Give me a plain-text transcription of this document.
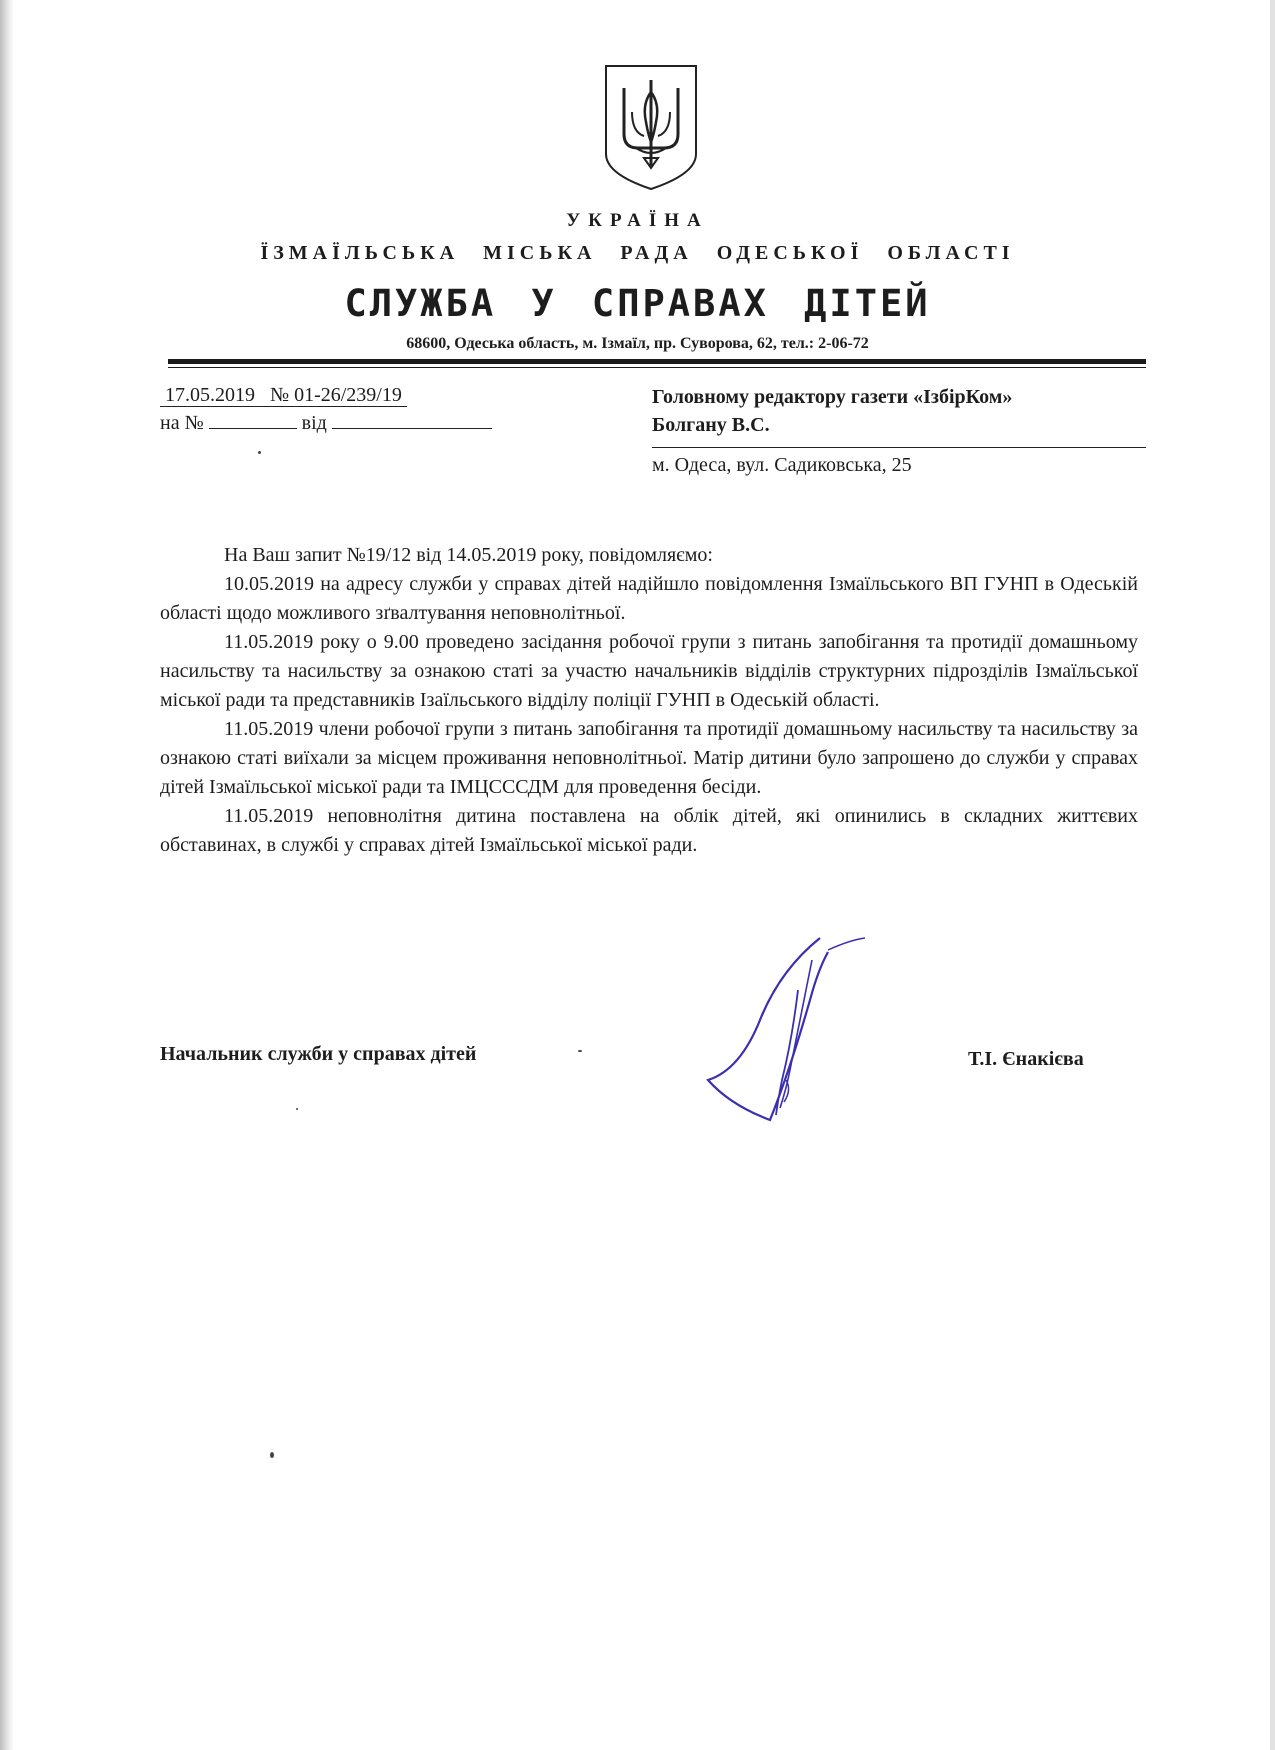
УКРАЇНА
ЇЗМАЇЛЬСЬКА МІСЬКА РАДА ОДЕСЬКОЇ ОБЛАСТІ
СЛУЖБА У СПРАВАХ ДІТЕЙ
68600, Одеська область, м. Ізмаїл, пр. Суворова, 62, тел.: 2-06-72
17.05.2019 № 01-26/239/19
на №	від
Головному редактору газети «ІзбірКом»
Болгану В.С.
м. Одеса, вул. Садиковська, 25

На Ваш запит №19/12 від 14.05.2019 року, повідомляємо:

10.05.2019 на адресу служби у справах дітей надійшло повідомлення Ізмаїльського ВП ГУНП в Одеській області щодо можливого зґвалтування неповнолітньої.

11.05.2019 року о 9.00 проведено засідання робочої групи з питань запобігання та протидії домашньому насильству та насильству за ознакою статі за участю начальників відділів структурних підрозділів Ізмаїльської міської ради та представників Ізаїльського відділу поліції ГУНП в Одеській області.

11.05.2019 члени робочої групи з питань запобігання та протидії домашньому насильству та насильству за ознакою статі виїхали за місцем проживання неповнолітньої. Матір дитини було запрошено до служби у справах дітей Ізмаїльської міської ради та ІМЦСССДМ для проведення бесіди.

11.05.2019 неповнолітня дитина поставлена на облік дітей, які опинились в складних життєвих обставинах, в службі у справах дітей Ізмаїльської міської ради.

Начальник служби у справах дітей	Т.І. Єнакієва
